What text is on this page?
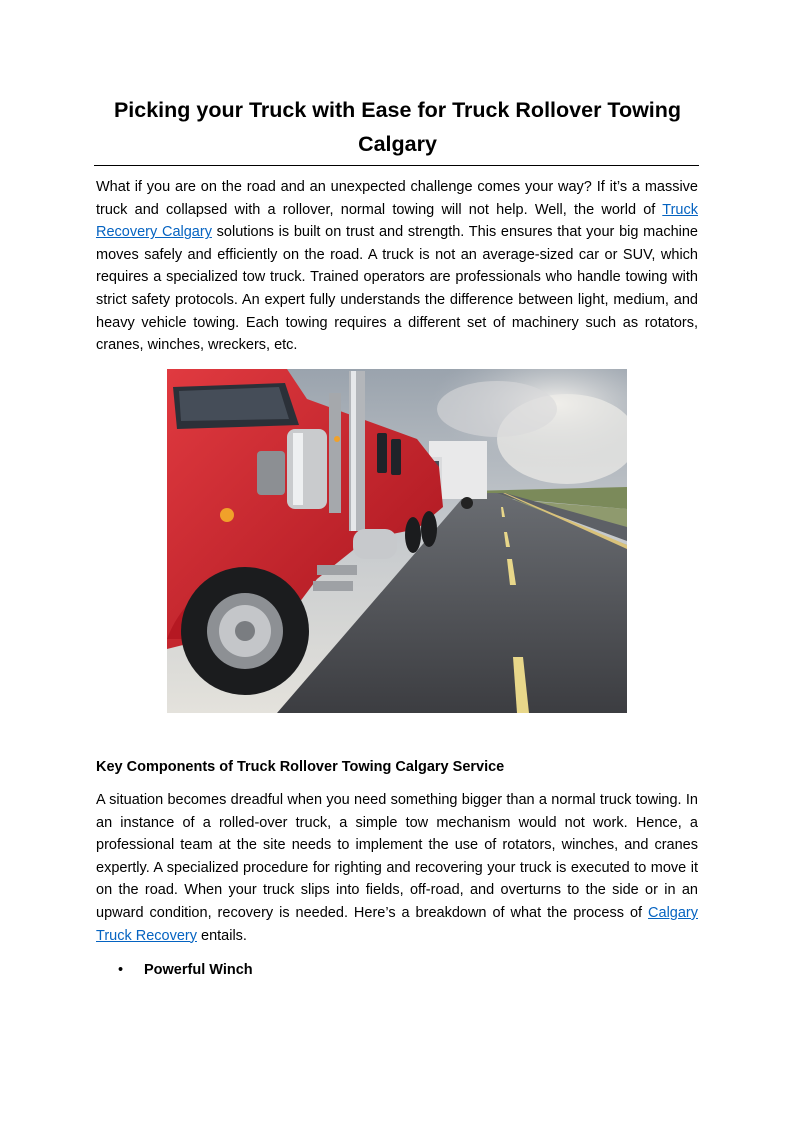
Picking your Truck with Ease for Truck Rollover Towing Calgary

What if you are on the road and an unexpected challenge comes your way? If it’s a massive truck and collapsed with a rollover, normal towing will not help. Well, the world of Truck Recovery Calgary solutions is built on trust and strength. This ensures that your big machine moves safely and efficiently on the road. A truck is not an average-sized car or SUV, which requires a specialized tow truck. Trained operators are professionals who handle towing with strict safety protocols. An expert fully understands the difference between light, medium, and heavy vehicle towing. Each towing requires a different set of machinery such as rotators, cranes, winches, wreckers, etc.

Key Components of Truck Rollover Towing Calgary Service

A situation becomes dreadful when you need something bigger than a normal truck towing. In an instance of a rolled-over truck, a simple tow mechanism would not work. Hence, a professional team at the site needs to implement the use of rotators, winches, and cranes expertly. A specialized procedure for righting and recovering your truck is executed to move it on the road. When your truck slips into fields, off-road, and overturns to the side or in an upward condition, recovery is needed. Here’s a breakdown of what the process of Calgary Truck Recovery entails.

• Powerful Winch
